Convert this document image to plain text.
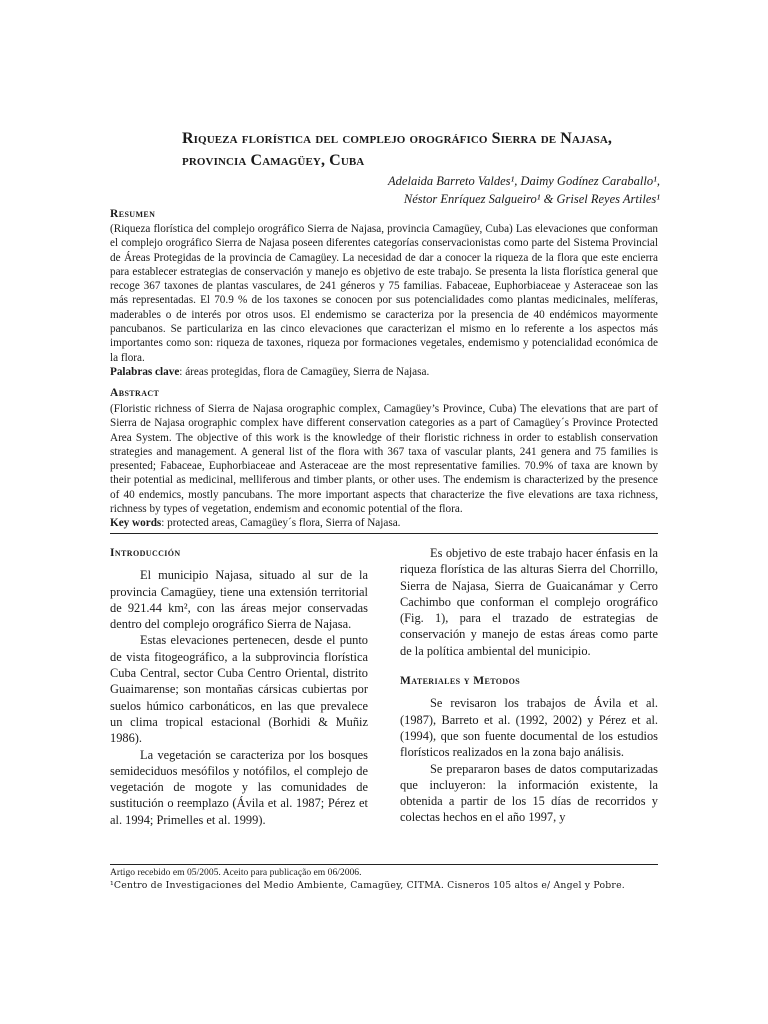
Riqueza florística del complejo orográfico Sierra de Najasa,
provincia Camagüey, Cuba
Adelaida Barreto Valdes¹, Daimy Godínez Caraballo¹,
Néstor Enríquez Salgueiro¹ & Grisel Reyes Artiles¹
Resumen
(Riqueza florística del complejo orográfico Sierra de Najasa, provincia Camagüey, Cuba) Las elevaciones que conforman el complejo orográfico Sierra de Najasa poseen diferentes categorías conservacionistas como parte del Sistema Provincial de Áreas Protegidas de la provincia de Camagüey. La necesidad de dar a conocer la riqueza de la flora que este encierra para establecer estrategias de conservación y manejo es objetivo de este trabajo. Se presenta la lista florística general que recoge 367 taxones de plantas vasculares, de 241 géneros y 75 familias. Fabaceae, Euphorbiaceae y Asteraceae son las más representadas. El 70.9 % de los taxones se conocen por sus potencialidades como plantas medicinales, melíferas, maderables o de interés por otros usos. El endemismo se caracteriza por la presencia de 40 endémicos mayormente pancubanos. Se particulariza en las cinco elevaciones que caracterizan el mismo en lo referente a los aspectos más importantes como son: riqueza de taxones, riqueza por formaciones vegetales, endemismo y potencialidad económica de la flora.
Palabras clave: áreas protegidas, flora de Camagüey, Sierra de Najasa.
Abstract
(Floristic richness of Sierra de Najasa orographic complex, Camagüey’s Province, Cuba) The elevations that are part of Sierra de Najasa orographic complex have different conservation categories as a part of Camagüey´s Province Protected Area System. The objective of this work is the knowledge of their floristic richness in order to establish conservation strategies and management. A general list of the flora with 367 taxa of vascular plants, 241 genera and 75 families is presented; Fabaceae, Euphorbiaceae and Asteraceae are the most representative families. 70.9% of taxa are known by their potential as medicinal, melliferous and timber plants, or other uses. The endemism is characterized by the presence of 40 endemics, mostly pancubans. The more important aspects that characterize the five elevations are taxa richness, richness by types of vegetation, endemism and economic potential of the flora.
Key words: protected areas, Camagüey´s flora, Sierra of Najasa.
Introducción

El municipio Najasa, situado al sur de la provincia Camagüey, tiene una extensión territorial de 921.44 km², con las áreas mejor conservadas dentro del complejo orográfico Sierra de Najasa.

Estas elevaciones pertenecen, desde el punto de vista fitogeográfico, a la subprovincia florística Cuba Central, sector Cuba Centro Oriental, distrito Guaimarense; son montañas cársicas cubiertas por suelos húmico carbonáticos, en las que prevalece un clima tropical estacional (Borhidi & Muñiz 1986).

La vegetación se caracteriza por los bosques semideciduos mesófilos y notófilos, el complejo de vegetación de mogote y las comunidades de sustitución o reemplazo (Ávila et al. 1987; Pérez et al. 1994; Primelles et al. 1999).

Es objetivo de este trabajo hacer énfasis en la riqueza florística de las alturas Sierra del Chorrillo, Sierra de Najasa, Sierra de Guaicanámar y Cerro Cachimbo que conforman el complejo orográfico (Fig. 1), para el trazado de estrategias de conservación y manejo de estas áreas como parte de la política ambiental del municipio.

Materiales y Metodos

Se revisaron los trabajos de Ávila et al. (1987), Barreto et al. (1992, 2002) y Pérez et al. (1994), que son fuente documental de los estudios florísticos realizados en la zona bajo análisis.

Se prepararon bases de datos computarizadas que incluyeron: la información existente, la obtenida a partir de los 15 días de recorridos y colectas hechos en el año 1997, y

Artigo recebido em 05/2005. Aceito para publicação em 06/2006.
¹Centro de Investigaciones del Medio Ambiente, Camagüey, CITMA. Cisneros 105 altos e/ Angel y Pobre.
